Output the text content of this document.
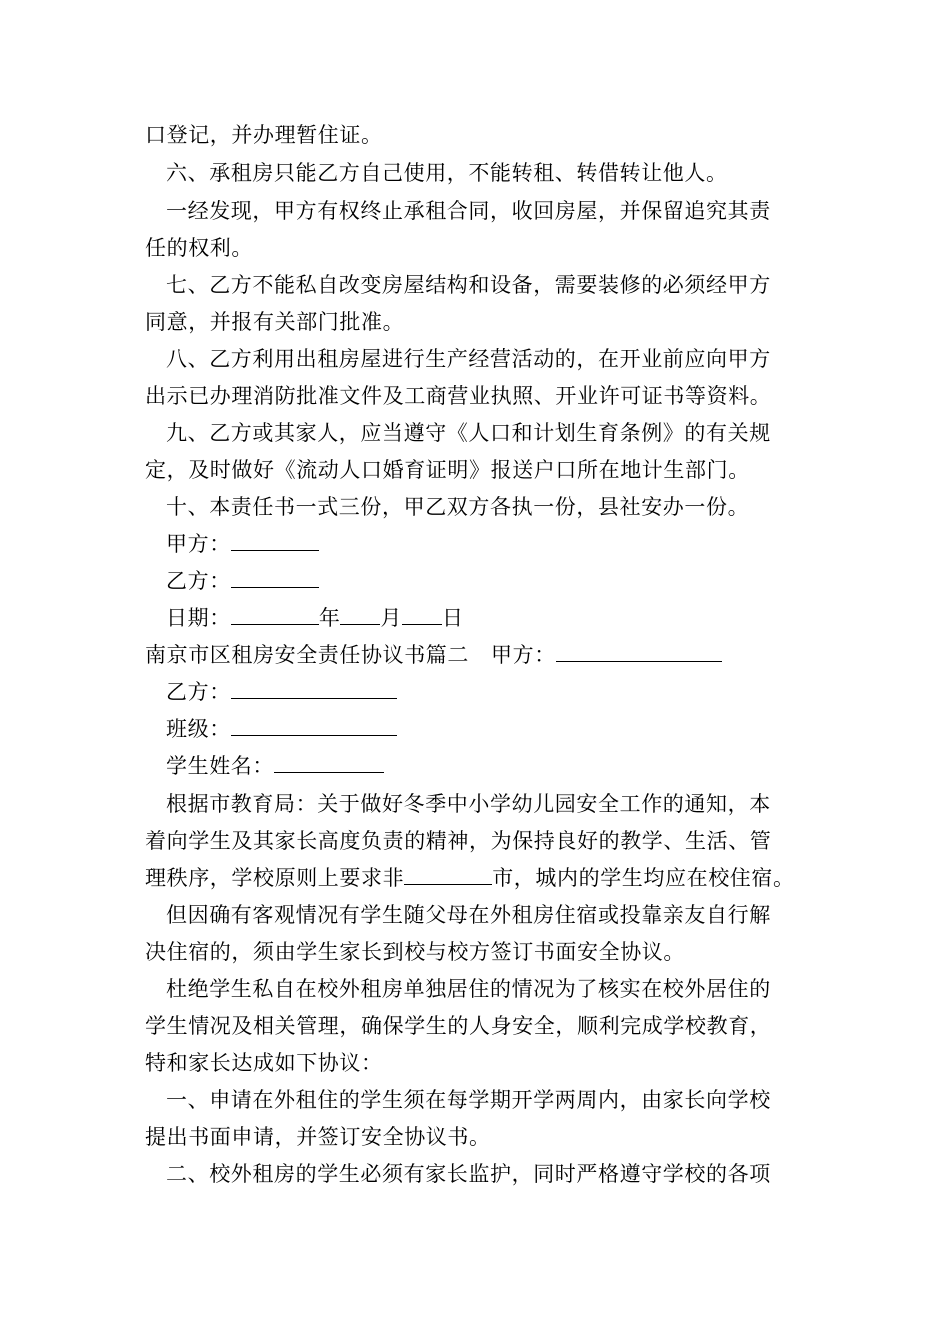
口登记，并办理暂住证。
六、承租房只能乙方自己使用，不能转租、转借转让他人。
一经发现，甲方有权终止承租合同，收回房屋，并保留追究其责
任的权利。
七、乙方不能私自改变房屋结构和设备，需要装修的必须经甲方
同意，并报有关部门批准。
八、乙方利用出租房屋进行生产经营活动的，在开业前应向甲方
出示已办理消防批准文件及工商营业执照、开业许可证书等资料。
九、乙方或其家人，应当遵守《人口和计划生育条例》的有关规
定，及时做好《流动人口婚育证明》报送户口所在地计生部门。
十、本责任书一式三份，甲乙双方各执一份，县社安办一份。
甲方：
乙方：
日期：	年 月 日
南京市区租房安全责任协议书篇二 甲方：
乙方：
班级：
学生姓名：
根据市教育局：关于做好冬季中小学幼儿园安全工作的通知，本
着向学生及其家长高度负责的精神，为保持良好的教学、生活、管
理秩序，学校原则上要求非	市，城内的学生均应在校住宿。
但因确有客观情况有学生随父母在外租房住宿或投靠亲友自行解
决住宿的，须由学生家长到校与校方签订书面安全协议。
杜绝学生私自在校外租房单独居住的情况为了核实在校外居住的
学生情况及相关管理，确保学生的人身安全，顺利完成学校教育，
特和家长达成如下协议：
一、申请在外租住的学生须在每学期开学两周内，由家长向学校
提出书面申请，并签订安全协议书。
二、校外租房的学生必须有家长监护，同时严格遵守学校的各项
